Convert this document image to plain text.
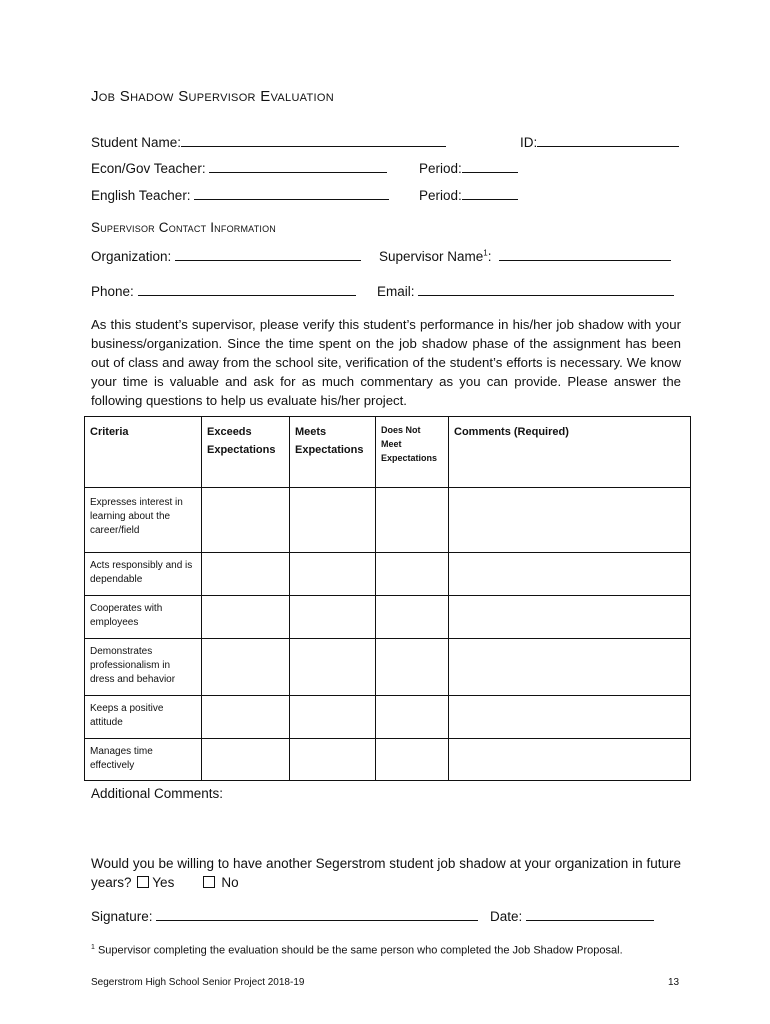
Job Shadow Supervisor Evaluation
Student Name:	ID:
Econ/Gov Teacher:	Period:
English Teacher:	Period:
Supervisor Contact Information
Organization:	Supervisor Name$^1$:
Phone:	Email:
As this student’s supervisor, please verify this student’s performance in his/her job shadow with your business/organization. Since the time spent on the job shadow phase of the assignment has been out of class and away from the school site, verification of the student’s efforts is necessary. We know your time is valuable and ask for as much commentary as you can provide. Please answer the following questions to help us evaluate his/her project.
Criteria	Exceeds Expectations	Meets Expectations	Does Not Meet Expectations	Comments (Required)
Expresses interest in learning about the career/field				
Acts responsibly and is dependable				
Cooperates with employees				
Demonstrates professionalism in dress and behavior				
Keeps a positive attitude				
Manages time effectively				
Additional Comments:
Would you be willing to have another Segerstrom student job shadow at your organization in future years? Yes	No
Signature:	Date:
$^1$ Supervisor completing the evaluation should be the same person who completed the Job Shadow Proposal.
Segerstrom High School Senior Project 2018-19	13
